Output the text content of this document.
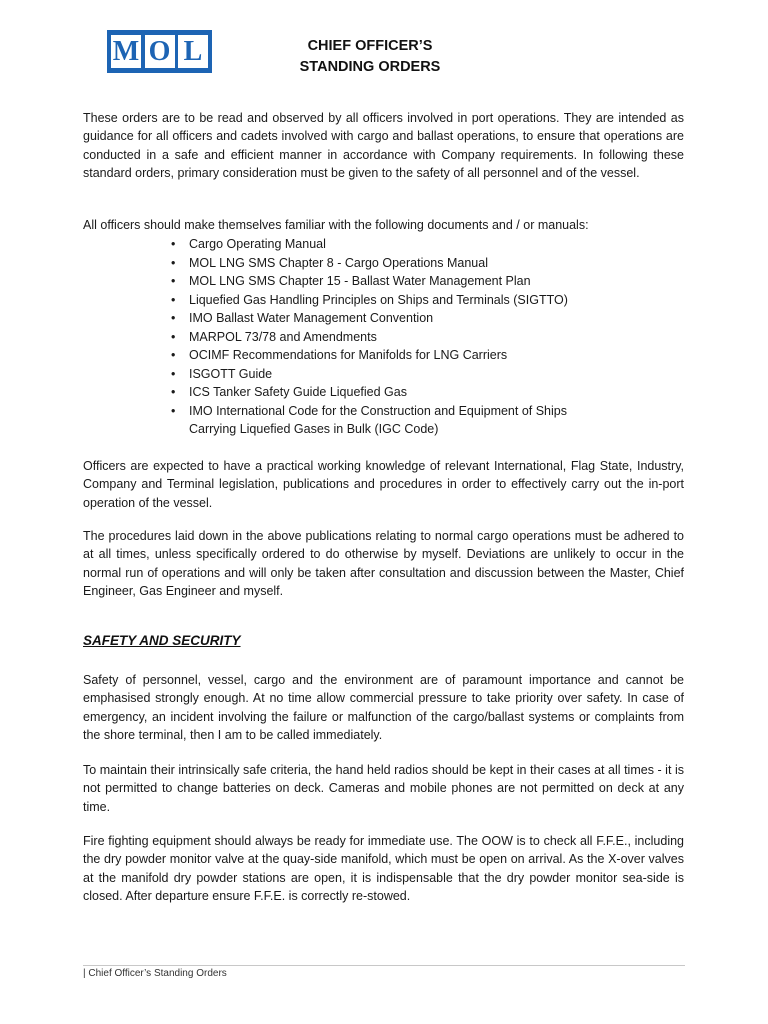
M O L	CHIEF OFFICER’S
STANDING ORDERS

These orders are to be read and observed by all officers involved in port operations. They are intended as guidance for all officers and cadets involved with cargo and ballast operations, to ensure that operations are conducted in a safe and efficient manner in accordance with Company requirements. In following these standard orders, primary consideration must be given to the safety of all personnel and of the vessel.

All officers should make themselves familiar with the following documents and / or manuals:

• Cargo Operating Manual
• MOL LNG SMS Chapter 8 - Cargo Operations Manual
• MOL LNG SMS Chapter 15 - Ballast Water Management Plan
• Liquefied Gas Handling Principles on Ships and Terminals (SIGTTO)
• IMO Ballast Water Management Convention
• MARPOL 73/78 and Amendments
• OCIMF Recommendations for Manifolds for LNG Carriers
• ISGOTT Guide
• ICS Tanker Safety Guide Liquefied Gas
• IMO International Code for the Construction and Equipment of Ships Carrying Liquefied Gases in Bulk (IGC Code)

Officers are expected to have a practical working knowledge of relevant International, Flag State, Industry, Company and Terminal legislation, publications and procedures in order to effectively carry out the in-port operation of the vessel.

The procedures laid down in the above publications relating to normal cargo operations must be adhered to at all times, unless specifically ordered to do otherwise by myself. Deviations are unlikely to occur in the normal run of operations and will only be taken after consultation and discussion between the Master, Chief Engineer, Gas Engineer and myself.

SAFETY AND SECURITY

Safety of personnel, vessel, cargo and the environment are of paramount importance and cannot be emphasised strongly enough. At no time allow commercial pressure to take priority over safety. In case of emergency, an incident involving the failure or malfunction of the cargo/ballast systems or complaints from the shore terminal, then I am to be called immediately.

To maintain their intrinsically safe criteria, the hand held radios should be kept in their cases at all times - it is not permitted to change batteries on deck. Cameras and mobile phones are not permitted on deck at any time.

Fire fighting equipment should always be ready for immediate use. The OOW is to check all F.F.E., including the dry powder monitor valve at the quay-side manifold, which must be open on arrival. As the X-over valves at the manifold dry powder stations are open, it is indispensable that the dry powder monitor sea-side is closed. After departure ensure F.F.E. is correctly re-stowed.

| Chief Officer’s Standing Orders
